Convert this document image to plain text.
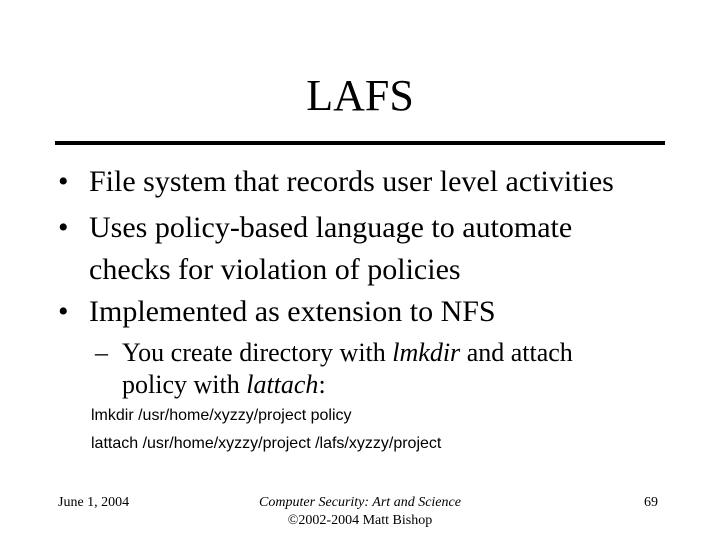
LAFS
• File system that records user level activities
• Uses policy-based language to automate
checks for violation of policies
• Implemented as extension to NFS
– You create directory with lmkdir and attach
policy with lattach:
lmkdir /usr/home/xyzzy/project policy
lattach /usr/home/xyzzy/project /lafs/xyzzy/project
June 1, 2004	Computer Security: Art and Science
©2002-2004 Matt Bishop
69
